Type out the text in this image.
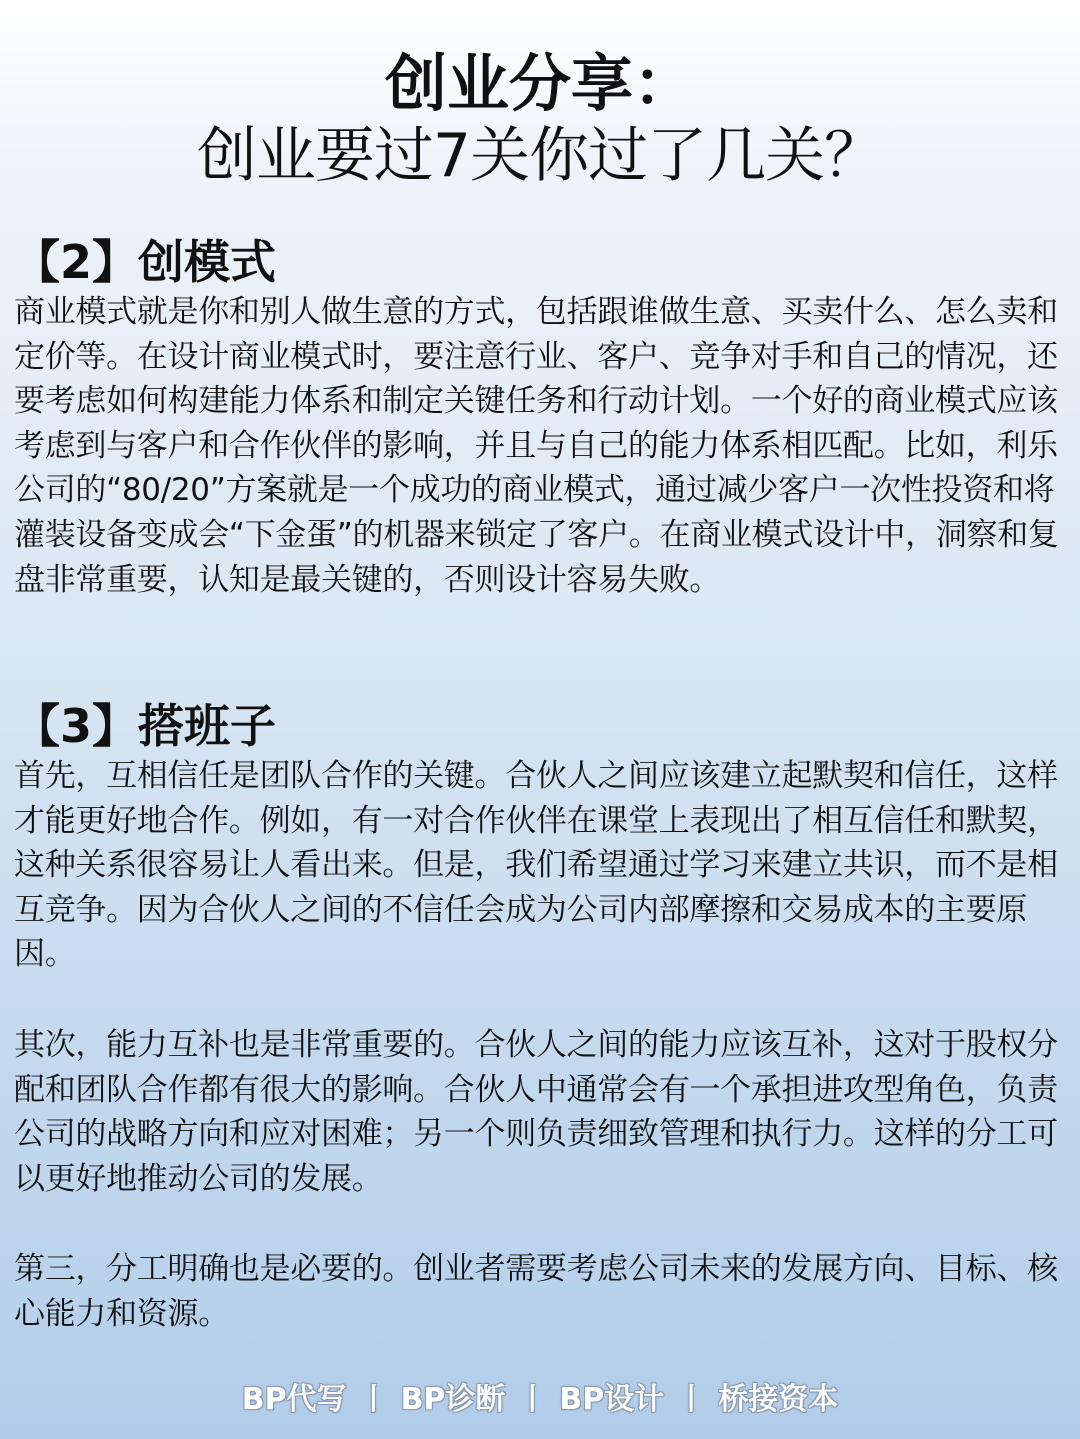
创业分享：
创业要过7关你过了几关？
【2】创模式

商业模式就是你和别人做生意的方式，包括跟谁做生意、买卖什么、怎么卖和定价等。在设计商业模式时，要注意行业、客户、竞争对手和自己的情况，还要考虑如何构建能力体系和制定关键任务和行动计划。一个好的商业模式应该考虑到与客户和合作伙伴的影响，并且与自己的能力体系相匹配。比如，利乐公司的“80/20”方案就是一个成功的商业模式，通过减少客户一次性投资和将灌装设备变成会“下金蛋”的机器来锁定了客户。在商业模式设计中，洞察和复盘非常重要，认知是最关键的，否则设计容易失败。

【3】搭班子

首先，互相信任是团队合作的关键。合伙人之间应该建立起默契和信任，这样才能更好地合作。例如，有一对合作伙伴在课堂上表现出了相互信任和默契，这种关系很容易让人看出来。但是，我们希望通过学习来建立共识，而不是相互竞争。因为合伙人之间的不信任会成为公司内部摩擦和交易成本的主要原因。

其次，能力互补也是非常重要的。合伙人之间的能力应该互补，这对于股权分配和团队合作都有很大的影响。合伙人中通常会有一个承担进攻型角色，负责公司的战略方向和应对困难；另一个则负责细致管理和执行力。这样的分工可以更好地推动公司的发展。

第三，分工明确也是必要的。创业者需要考虑公司未来的发展方向、目标、核心能力和资源。

BP代写 丨 BP诊断 丨 BP设计 丨 桥接资本
